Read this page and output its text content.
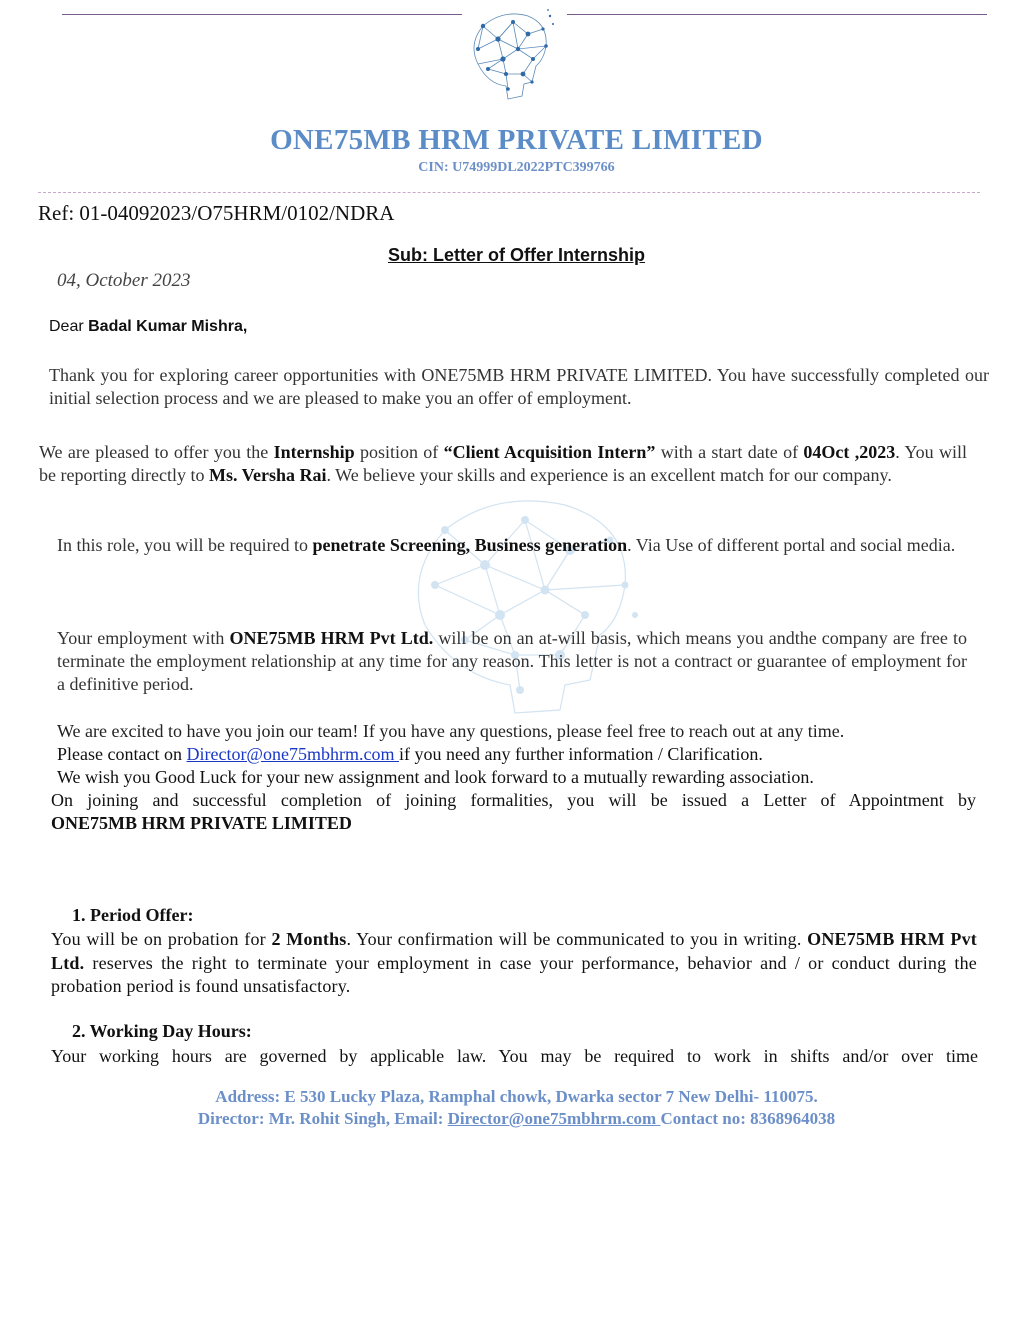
ONE75MB HRM PRIVATE LIMITED
CIN: U74999DL2022PTC399766
Ref: 01-04092023/O75HRM/0102/NDRA
Sub: Letter of Offer Internship
04, October 2023
Dear Badal Kumar Mishra,
Thank you for exploring career opportunities with ONE75MB HRM PRIVATE LIMITED. You have successfully completed our initial selection process and we are pleased to make you an offer of employment.
We are pleased to offer you the Internship position of “Client Acquisition Intern” with a start date of 04Oct ,2023. You will be reporting directly to Ms. Versha Rai. We believe your skills and experience is an excellent match for our company.
In this role, you will be required to penetrate Screening, Business generation. Via Use of different portal and social media.
Your employment with ONE75MB HRM Pvt Ltd. will be on an at-will basis, which means you andthe company are free to terminate the employment relationship at any time for any reason. This letter is not a contract or guarantee of employment for a definitive period.
We are excited to have you join our team! If you have any questions, please feel free to reach out at any time.
Please contact on Director@one75mbhrm.com if you need any further information / Clarification.
We wish you Good Luck for your new assignment and look forward to a mutually rewarding association.
On joining and successful completion of joining formalities, you will be issued a Letter of Appointment by
ONE75MB HRM PRIVATE LIMITED
1. Period Offer:
You will be on probation for 2 Months. Your confirmation will be communicated to you in writing. ONE75MB HRM Pvt Ltd. reserves the right to terminate your employment in case your performance, behavior and / or conduct during the probation period is found unsatisfactory.
2. Working Day Hours:
Your working hours are governed by applicable law. You may be required to work in shifts and/or over time
Address: E 530 Lucky Plaza, Ramphal chowk, Dwarka sector 7 New Delhi- 110075.
Director: Mr. Rohit Singh, Email: Director@one75mbhrm.com Contact no: 8368964038
